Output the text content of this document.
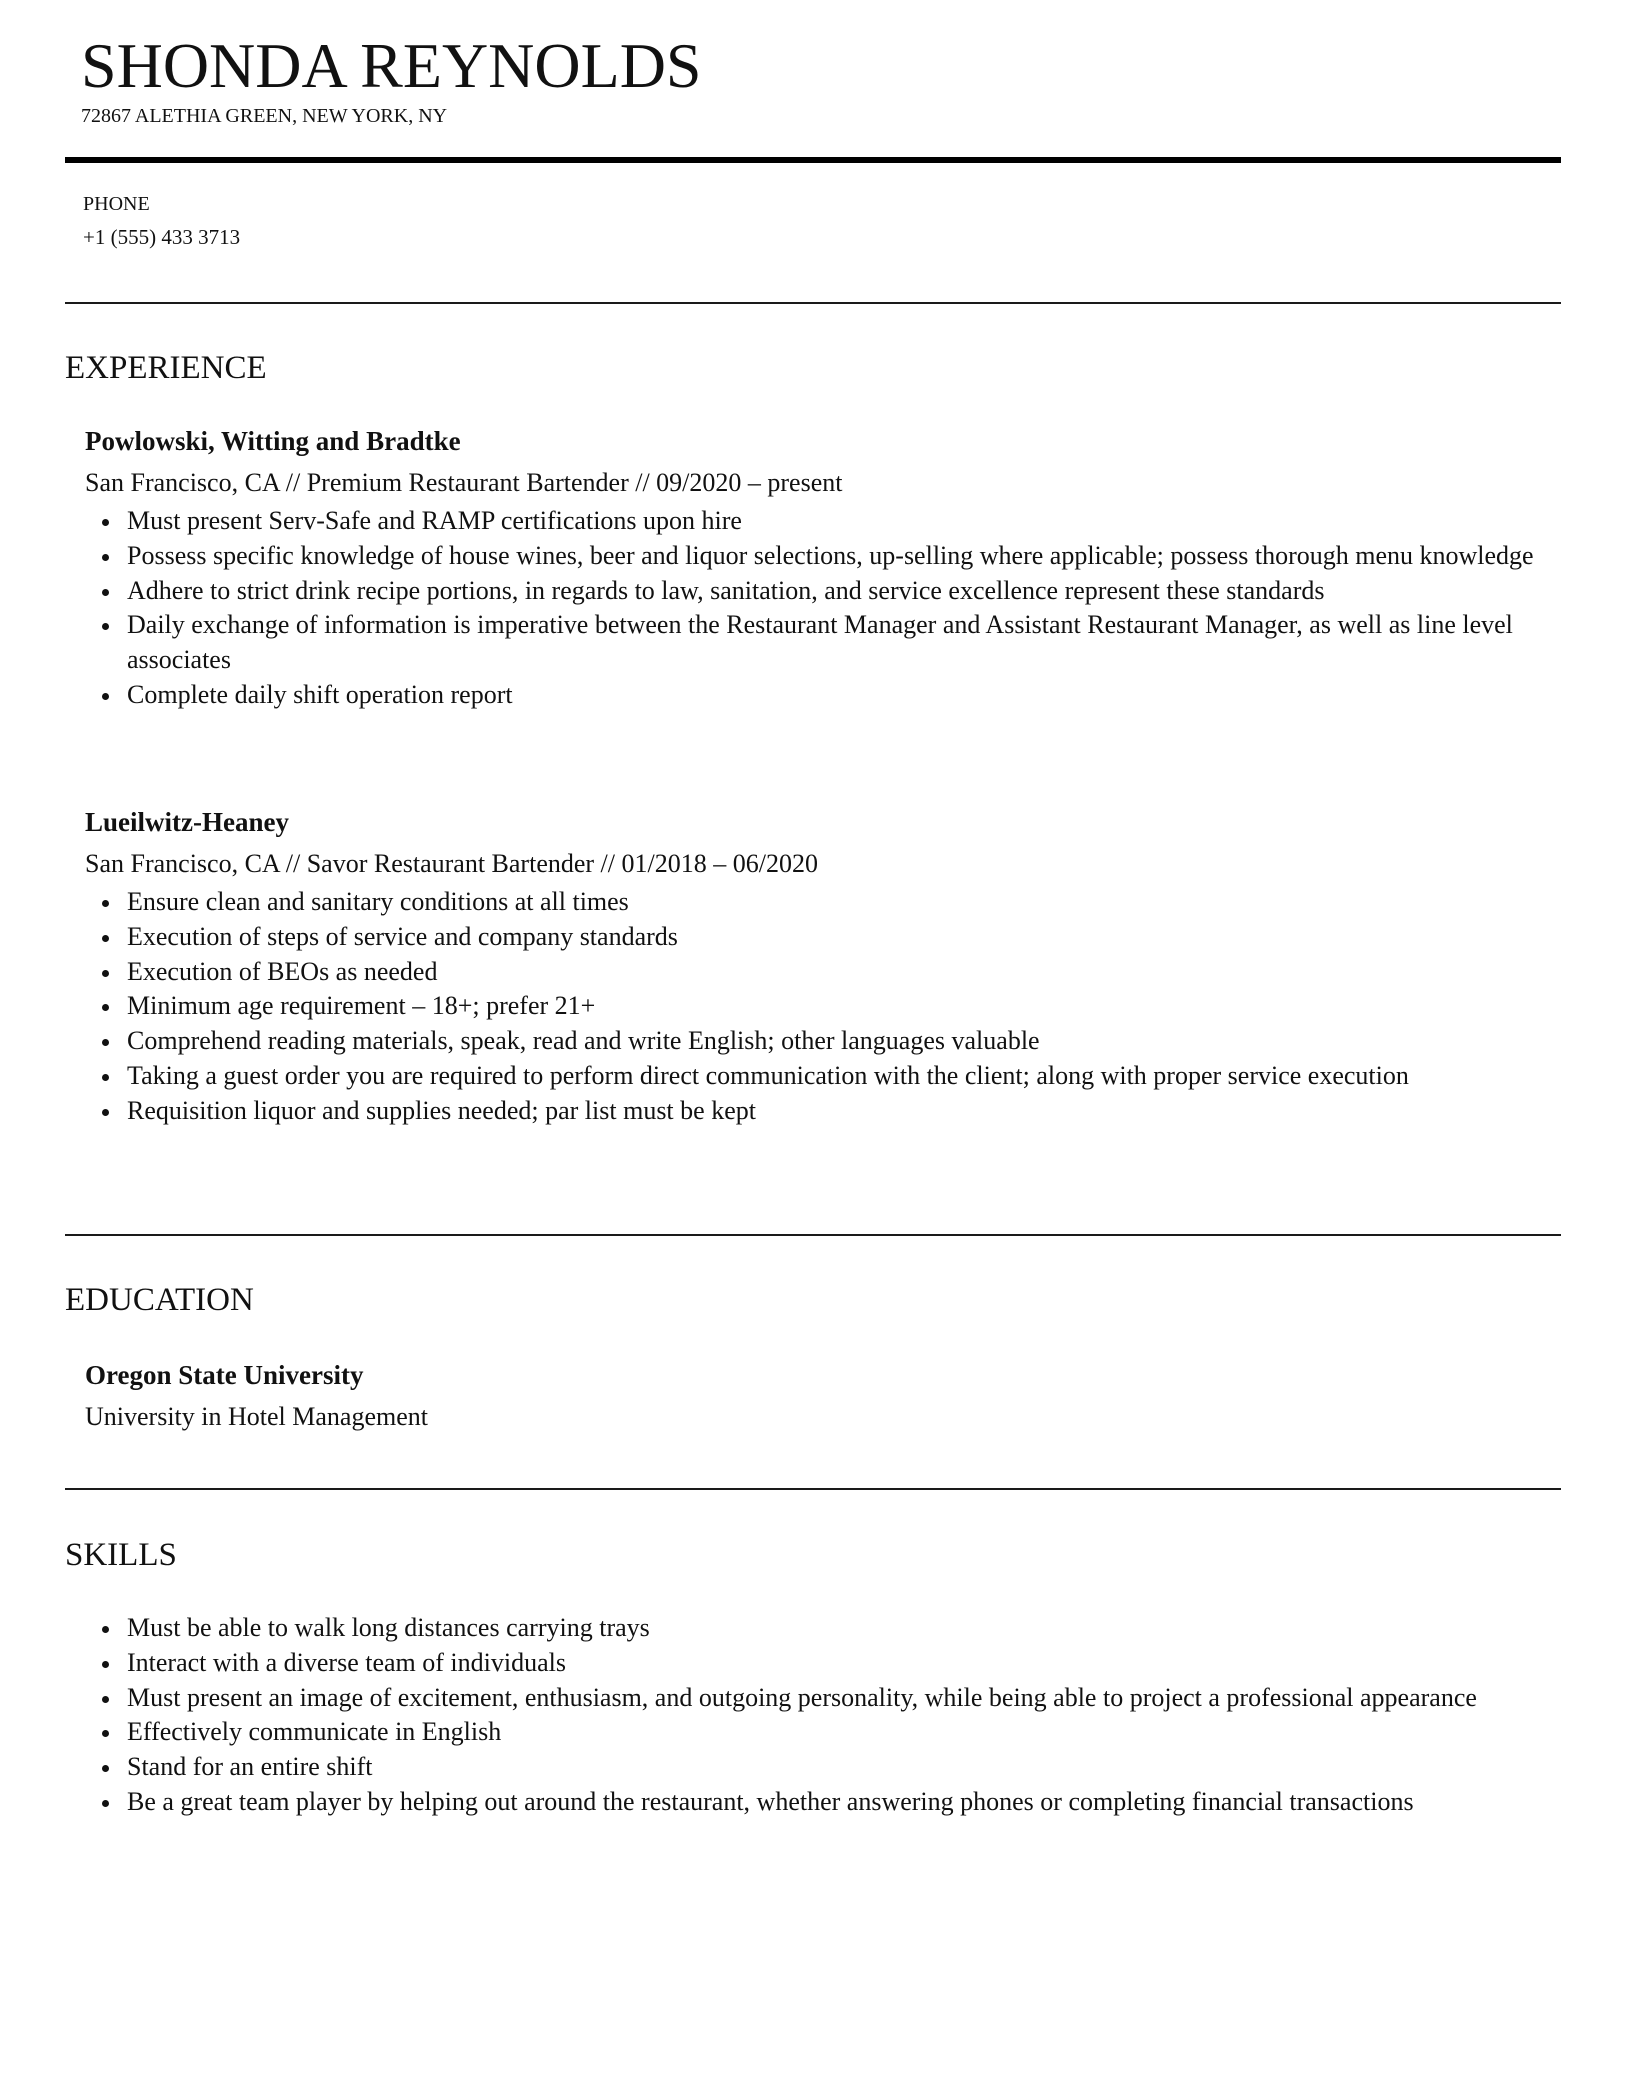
SHONDA REYNOLDS
72867 ALETHIA GREEN, NEW YORK, NY
PHONE
+1 (555) 433 3713
EXPERIENCE

Powlowski, Witting and Bradtke

San Francisco, CA // Premium Restaurant Bartender // 09/2020 – present

Must present Serv-Safe and RAMP certifications upon hire
Possess specific knowledge of house wines, beer and liquor selections, up-selling where applicable; possess thorough menu knowledge
Adhere to strict drink recipe portions, in regards to law, sanitation, and service excellence represent these standards
Daily exchange of information is imperative between the Restaurant Manager and Assistant Restaurant Manager, as well as line level associates
Complete daily shift operation report

Lueilwitz-Heaney

San Francisco, CA // Savor Restaurant Bartender // 01/2018 – 06/2020

Ensure clean and sanitary conditions at all times
Execution of steps of service and company standards
Execution of BEOs as needed
Minimum age requirement – 18+; prefer 21+
Comprehend reading materials, speak, read and write English; other languages valuable
Taking a guest order you are required to perform direct communication with the client; along with proper service execution
Requisition liquor and supplies needed; par list must be kept
EDUCATION

Oregon State University

University in Hotel Management

SKILLS
Must be able to walk long distances carrying trays
Interact with a diverse team of individuals
Must present an image of excitement, enthusiasm, and outgoing personality, while being able to project a professional appearance
Effectively communicate in English
Stand for an entire shift
Be a great team player by helping out around the restaurant, whether answering phones or completing financial transactions
